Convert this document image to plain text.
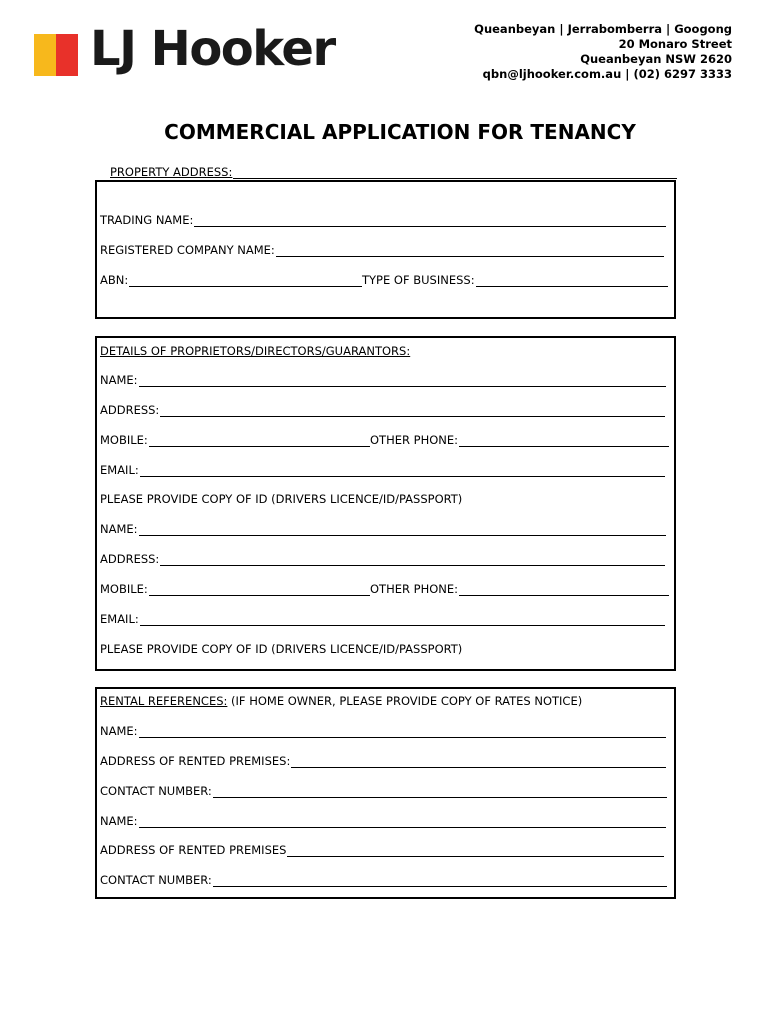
LJ Hooker	Queanbeyan | Jerrabomberra | Googong
20 Monaro Street
Queanbeyan NSW 2620
qbn@ljhooker.com.au | (02) 6297 3333
COMMERCIAL APPLICATION FOR TENANCY
PROPERTY ADDRESS:
TRADING NAME:
REGISTERED COMPANY NAME:
ABN:	TYPE OF BUSINESS:
DETAILS OF PROPRIETORS/DIRECTORS/GUARANTORS:
NAME:
ADDRESS:
MOBILE:	OTHER PHONE:
EMAIL:
PLEASE PROVIDE COPY OF ID (DRIVERS LICENCE/ID/PASSPORT)
NAME:
ADDRESS:
MOBILE:	OTHER PHONE:
EMAIL:
PLEASE PROVIDE COPY OF ID (DRIVERS LICENCE/ID/PASSPORT)
RENTAL REFERENCES: (IF HOME OWNER, PLEASE PROVIDE COPY OF RATES NOTICE)
NAME:
ADDRESS OF RENTED PREMISES:
CONTACT NUMBER:
NAME:
ADDRESS OF RENTED PREMISES
CONTACT NUMBER:
